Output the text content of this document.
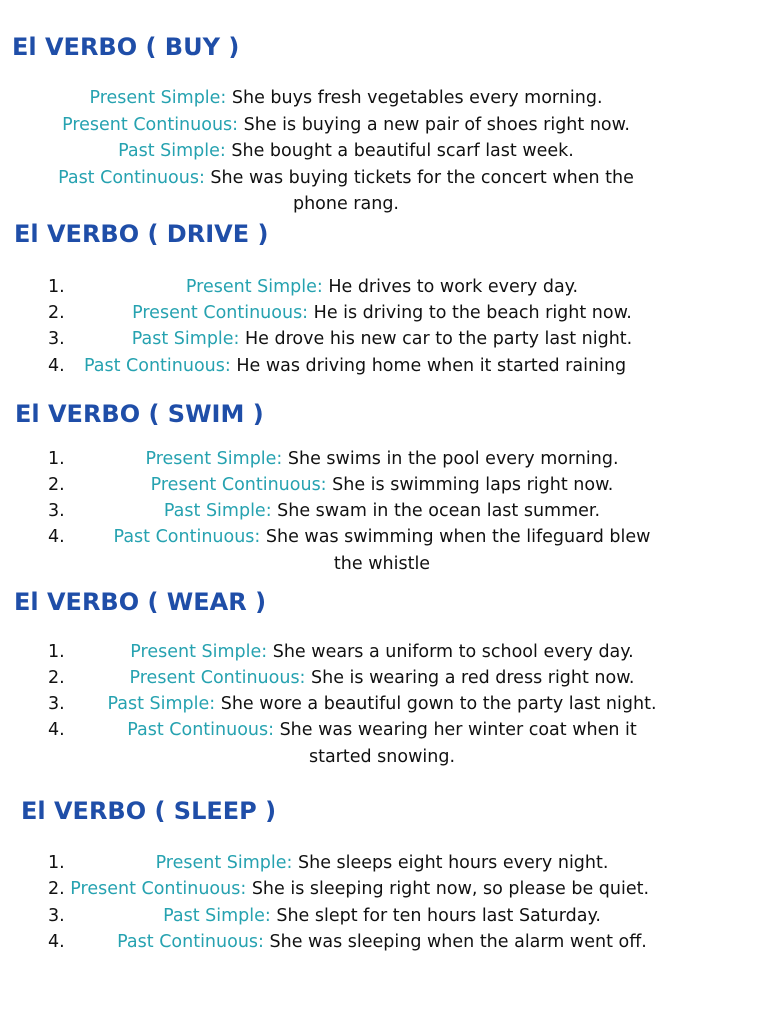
El VERBO ( BUY )
Present Simple: She buys fresh vegetables every morning.
Present Continuous: She is buying a new pair of shoes right now.
Past Simple: She bought a beautiful scarf last week.
Past Continuous: She was buying tickets for the concert when the
phone rang.
El VERBO ( DRIVE )
1.	Present Simple: He drives to work every day.
2.	Present Continuous: He is driving to the beach right now.
3.	Past Simple: He drove his new car to the party last night.
4.	Past Continuous: He was driving home when it started raining
El VERBO ( SWIM )
1.	Present Simple: She swims in the pool every morning.
2.	Present Continuous: She is swimming laps right now.
3.	Past Simple: She swam in the ocean last summer.
4.	Past Continuous: She was swimming when the lifeguard blew
the whistle
El VERBO ( WEAR )
1.	Present Simple: She wears a uniform to school every day.
2.	Present Continuous: She is wearing a red dress right now.
3.	Past Simple: She wore a beautiful gown to the party last night.
4.	Past Continuous: She was wearing her winter coat when it
started snowing.
El VERBO ( SLEEP )
1.	Present Simple: She sleeps eight hours every night.
2. Present Continuous: She is sleeping right now, so please be quiet.
3.	Past Simple: She slept for ten hours last Saturday.
4.	Past Continuous: She was sleeping when the alarm went off.
